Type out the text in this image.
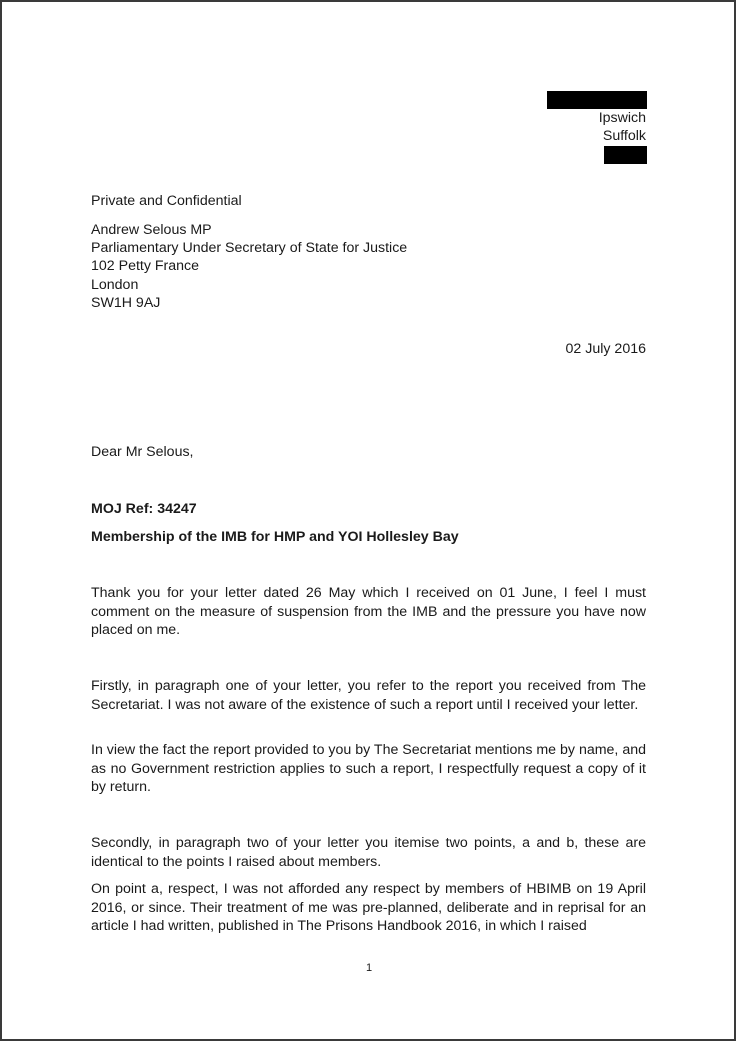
Ipswich
Suffolk
Private and Confidential
Andrew Selous MP
Parliamentary Under Secretary of State for Justice
102 Petty France
London
SW1H 9AJ
02 July 2016
Dear Mr Selous,
MOJ Ref: 34247
Membership of the IMB for HMP and YOI Hollesley Bay
Thank you for your letter dated 26 May which I received on 01 June, I feel I must comment on the measure of suspension from the IMB and the pressure you have now placed on me.
Firstly, in paragraph one of your letter, you refer to the report you received from The Secretariat. I was not aware of the existence of such a report until I received your letter.
In view the fact the report provided to you by The Secretariat mentions me by name, and as no Government restriction applies to such a report, I respectfully request a copy of it by return.
Secondly, in paragraph two of your letter you itemise two points, a and b, these are identical to the points I raised about members.
On point a, respect, I was not afforded any respect by members of HBIMB on 19 April 2016, or since. Their treatment of me was pre-planned, deliberate and in reprisal for an article I had written, published in The Prisons Handbook 2016, in which I raised
1
